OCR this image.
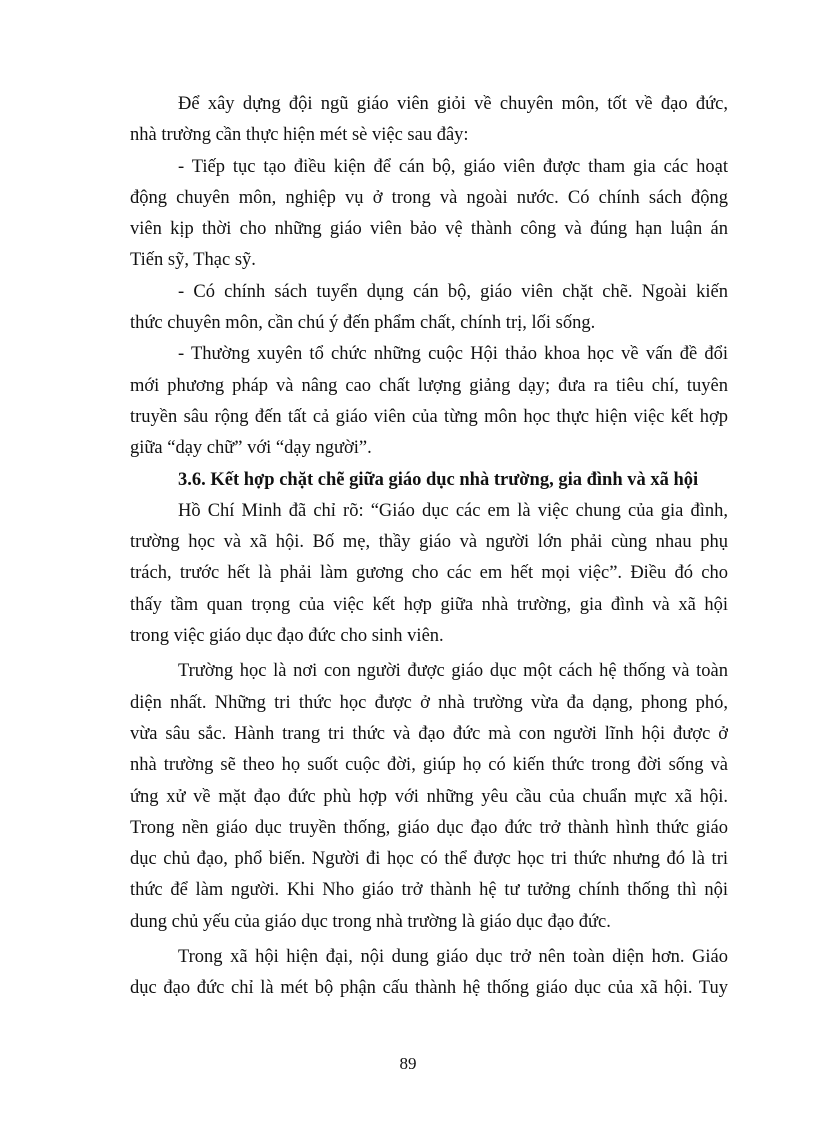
Để xây dựng đội ngũ giáo viên giỏi về chuyên môn, tốt về đạo đức,
nhà trường cần thực hiện mét sè việc sau đây:
- Tiếp tục tạo điều kiện để cán bộ, giáo viên được tham gia các hoạt
động chuyên môn, nghiệp vụ ở trong và ngoài nước. Có chính sách động
viên kịp thời cho những giáo viên bảo vệ thành công và đúng hạn luận án
Tiến sỹ, Thạc sỹ.
- Có chính sách tuyển dụng cán bộ, giáo viên chặt chẽ. Ngoài kiến
thức chuyên môn, cần chú ý đến phẩm chất, chính trị, lối sống.
- Thường xuyên tổ chức những cuộc Hội thảo khoa học về vấn đề đổi
mới phương pháp và nâng cao chất lượng giảng dạy; đưa ra tiêu chí, tuyên
truyền sâu rộng đến tất cả giáo viên của từng môn học thực hiện việc kết hợp
giữa “dạy chữ” với “dạy người”.
3.6. Kết hợp chặt chẽ giữa giáo dục nhà trường, gia đình và xã hội
Hồ Chí Minh đã chỉ rõ: “Giáo dục các em là việc chung của gia đình,
trường học và xã hội. Bố mẹ, thầy giáo và người lớn phải cùng nhau phụ
trách, trước hết là phải làm gương cho các em hết mọi việc”. Điều đó cho
thấy tầm quan trọng của việc kết hợp giữa nhà trường, gia đình và xã hội
trong việc giáo dục đạo đức cho sinh viên.
Trường học là nơi con người được giáo dục một cách hệ thống và toàn
diện nhất. Những tri thức học được ở nhà trường vừa đa dạng, phong phó,
vừa sâu sắc. Hành trang tri thức và đạo đức mà con người lĩnh hội được ở
nhà trường sẽ theo họ suốt cuộc đời, giúp họ có kiến thức trong đời sống và
ứng xử về mặt đạo đức phù hợp với những yêu cầu của chuẩn mực xã hội.
Trong nền giáo dục truyền thống, giáo dục đạo đức trở thành hình thức giáo
dục chủ đạo, phổ biến. Người đi học có thể được học tri thức nhưng đó là tri
thức để làm người. Khi Nho giáo trở thành hệ tư tưởng chính thống thì nội
dung chủ yếu của giáo dục trong nhà trường là giáo dục đạo đức.
Trong xã hội hiện đại, nội dung giáo dục trở nên toàn diện hơn. Giáo
dục đạo đức chỉ là mét bộ phận cấu thành hệ thống giáo dục của xã hội. Tuy
89
